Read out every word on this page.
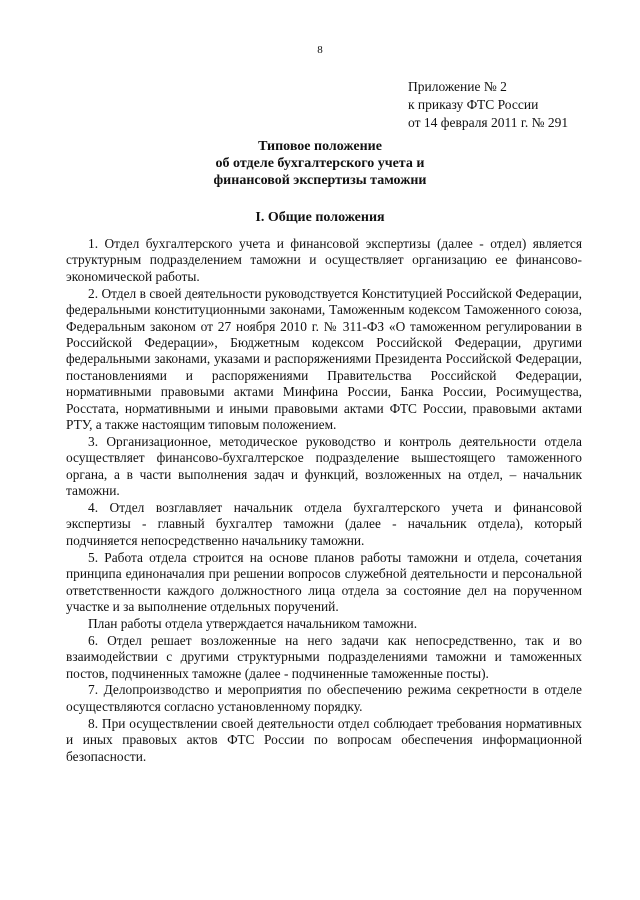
8
Приложение № 2
к приказу ФТС России
от 14 февраля 2011 г. № 291
Типовое положение
об отделе бухгалтерского учета и
финансовой экспертизы таможни
I. Общие положения

1. Отдел бухгалтерского учета и финансовой экспертизы (далее - отдел) является структурным подразделением таможни и осуществляет организацию ее финансово-экономической работы.

2. Отдел в своей деятельности руководствуется Конституцией Российской Федерации, федеральными конституционными законами, Таможенным кодексом Таможенного союза, Федеральным законом от 27 ноября 2010 г. № 311-ФЗ «О таможенном регулировании в Российской Федерации», Бюджетным кодексом Российской Федерации, другими федеральными законами, указами и распоряжениями Президента Российской Федерации, постановлениями и распоряжениями Правительства Российской Федерации, нормативными правовыми актами Минфина России, Банка России, Росимущества, Росстата, нормативными и иными правовыми актами ФТС России, правовыми актами РТУ, а также настоящим типовым положением.

3. Организационное, методическое руководство и контроль деятельности отдела осуществляет финансово-бухгалтерское подразделение вышестоящего таможенного органа, а в части выполнения задач и функций, возложенных на отдел, – начальник таможни.

4. Отдел возглавляет начальник отдела бухгалтерского учета и финансовой экспертизы - главный бухгалтер таможни (далее - начальник отдела), который подчиняется непосредственно начальнику таможни.

5. Работа отдела строится на основе планов работы таможни и отдела, сочетания принципа единоначалия при решении вопросов служебной деятельности и персональной ответственности каждого должностного лица отдела за состояние дел на порученном участке и за выполнение отдельных поручений.

План работы отдела утверждается начальником таможни.

6. Отдел решает возложенные на него задачи как непосредственно, так и во взаимодействии с другими структурными подразделениями таможни и таможенных постов, подчиненных таможне (далее - подчиненные таможенные посты).

7. Делопроизводство и мероприятия по обеспечению режима секретности в отделе осуществляются согласно установленному порядку.

8. При осуществлении своей деятельности отдел соблюдает требования нормативных и иных правовых актов ФТС России по вопросам обеспечения информационной безопасности.
